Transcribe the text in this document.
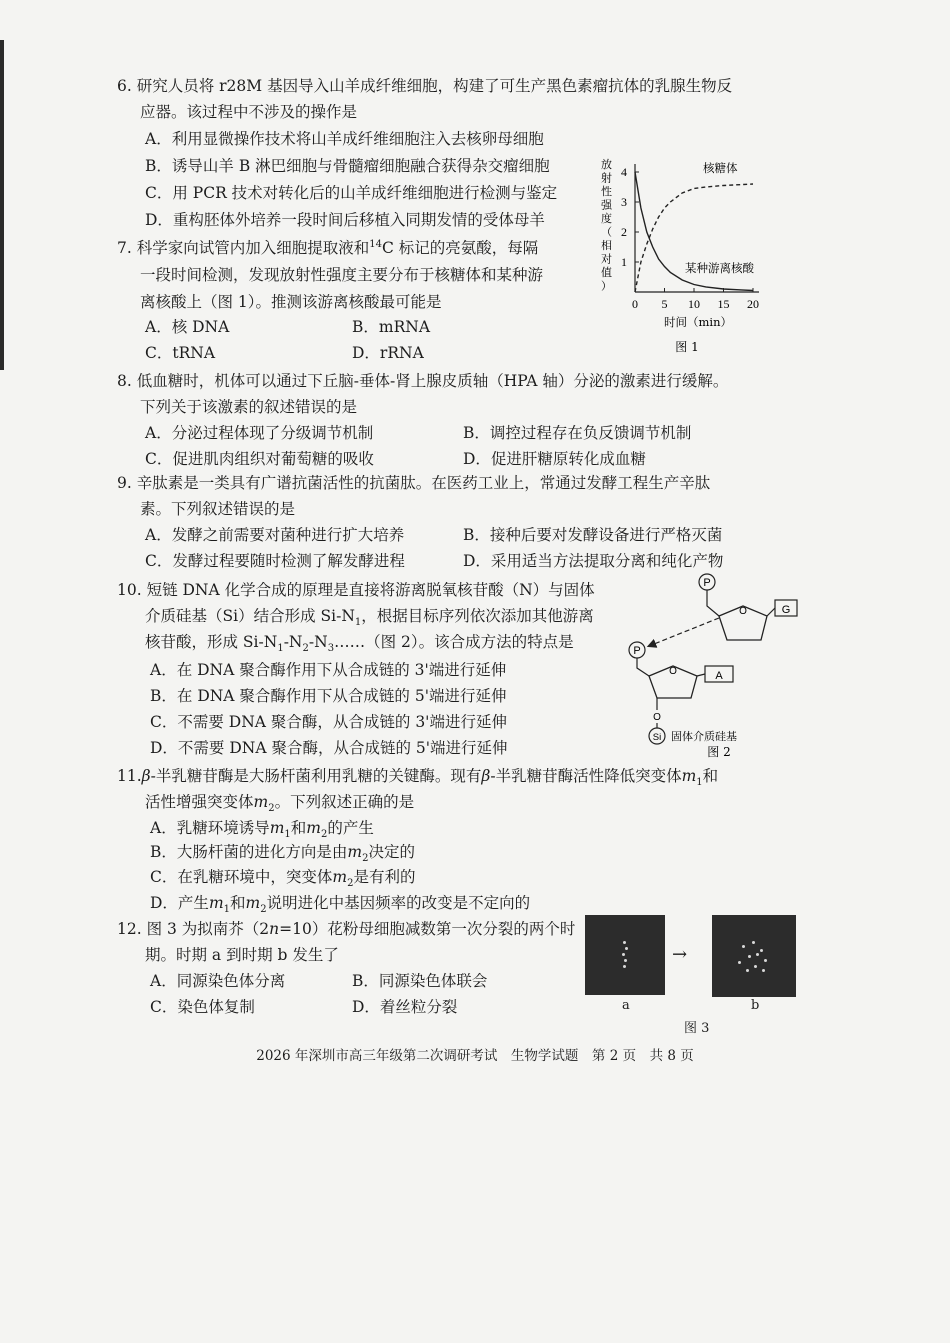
6. 研究人员将 r28M 基因导入山羊成纤维细胞，构建了可生产黑色素瘤抗体的乳腺生物反
应器。该过程中不涉及的操作是
A．利用显微操作技术将山羊成纤维细胞注入去核卵母细胞
B．诱导山羊 B 淋巴细胞与骨髓瘤细胞融合获得杂交瘤细胞
C．用 PCR 技术对转化后的山羊成纤维细胞进行检测与鉴定
D．重构胚体外培养一段时间后移植入同期发情的受体母羊
7. 科学家向试管内加入细胞提取液和$^{14}$C 标记的亮氨酸，每隔
一段时间检测，发现放射性强度主要分布于核糖体和某种游
离核酸上（图 1）。推测该游离核酸最可能是
A．核 DNA	B．mRNA
C．tRNA	D．rRNA
1
2
3
4
0 5 10 15 20
放射性强度（相对值）
时间（min）
核糖体
某种游离核酸
图 1
8. 低血糖时，机体可以通过下丘脑-垂体-肾上腺皮质轴（HPA 轴）分泌的激素进行缓解。
下列关于该激素的叙述错误的是
A．分泌过程体现了分级调节机制	B．调控过程存在负反馈调节机制
C．促进肌肉组织对葡萄糖的吸收	D．促进肝糖原转化成血糖
9. 辛肽素是一类具有广谱抗菌活性的抗菌肽。在医药工业上，常通过发酵工程生产辛肽
素。下列叙述错误的是
A．发酵之前需要对菌种进行扩大培养	B．接种后要对发酵设备进行严格灭菌
C．发酵过程要随时检测了解发酵进程	D．采用适当方法提取分离和纯化产物
10. 短链 DNA 化学合成的原理是直接将游离脱氧核苷酸（N）与固体
介质硅基（Si）结合形成 $Si-N_1$，根据目标序列依次添加其他游离
核苷酸，形成 $Si-N_1-N_2-N_3\dots\dots$（图 2）。该合成方法的特点是
A．在 DNA 聚合酶作用下从合成链的 3'端进行延伸
B．在 DNA 聚合酶作用下从合成链的 5'端进行延伸
C．不需要 DNA 聚合酶，从合成链的 3'端进行延伸
D．不需要 DNA 聚合酶，从合成链的 5'端进行延伸
P
O	G
P
O	A
O
Si 固体介质硅基
图 2
11.β-半乳糖苷酶是大肠杆菌利用乳糖的关键酶。现有β-半乳糖苷酶活性降低突变体$m_1$和
活性增强突变体$m_2$。下列叙述正确的是
A．乳糖环境诱导$m_1$和$m_2$的产生
B．大肠杆菌的进化方向是由$m_2$决定的
C．在乳糖环境中，突变体$m_2$是有利的
D．产生$m_1$和$m_2$说明进化中基因频率的改变是不定向的
12. 图 3 为拟南芥（2n=10）花粉母细胞减数第一次分裂的两个时
期。时期 a 到时期 b 发生了
A．同源染色体分离	B．同源染色体联会
C．染色体复制	D．着丝粒分裂
→
a	b
图 3
2026 年深圳市高三年级第二次调研考试　生物学试题　第 2 页　共 8 页
